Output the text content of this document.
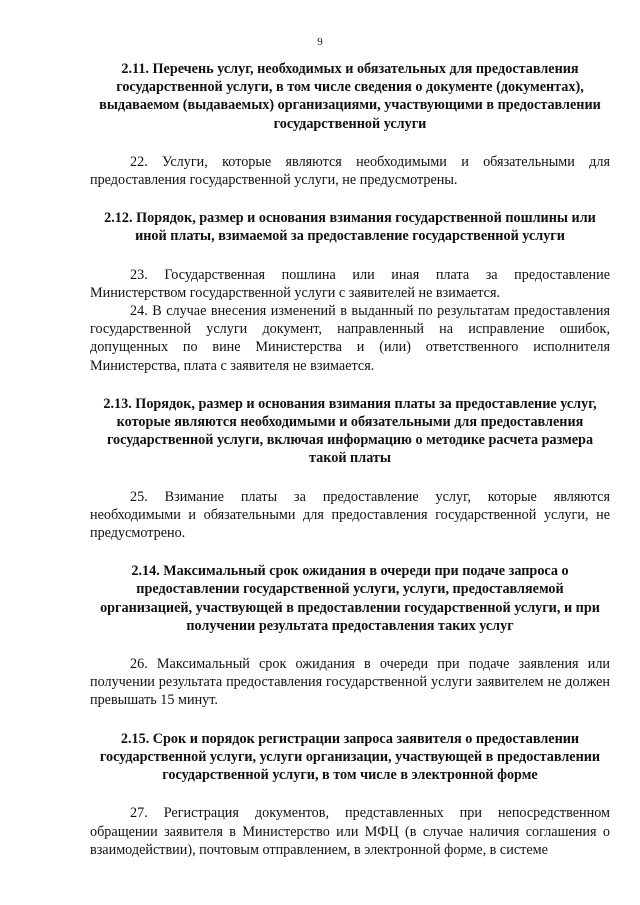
9

2.11. Перечень услуг, необходимых и обязательных для предоставления государственной услуги, в том числе сведения о документе (документах), выдаваемом (выдаваемых) организациями, участвующими в предоставлении государственной услуги

22. Услуги, которые являются необходимыми и обязательными для предоставления государственной услуги, не предусмотрены.

2.12. Порядок, размер и основания взимания государственной пошлины или иной платы, взимаемой за предоставление государственной услуги

23. Государственная пошлина или иная плата за предоставление Министерством государственной услуги с заявителей не взимается.

24. В случае внесения изменений в выданный по результатам предоставления государственной услуги документ, направленный на исправление ошибок, допущенных по вине Министерства и (или) ответственного исполнителя Министерства, плата с заявителя не взимается.

2.13. Порядок, размер и основания взимания платы за предоставление услуг, которые являются необходимыми и обязательными для предоставления государственной услуги, включая информацию о методике расчета размера такой платы

25. Взимание платы за предоставление услуг, которые являются необходимыми и обязательными для предоставления государственной услуги, не предусмотрено.

2.14. Максимальный срок ожидания в очереди при подаче запроса о предоставлении государственной услуги, услуги, предоставляемой организацией, участвующей в предоставлении государственной услуги, и при получении результата предоставления таких услуг

26. Максимальный срок ожидания в очереди при подаче заявления или получении результата предоставления государственной услуги заявителем не должен превышать 15 минут.

2.15. Срок и порядок регистрации запроса заявителя о предоставлении государственной услуги, услуги организации, участвующей в предоставлении государственной услуги, в том числе в электронной форме

27. Регистрация документов, представленных при непосредственном обращении заявителя в Министерство или МФЦ (в случае наличия соглашения о взаимодействии), почтовым отправлением, в электронной форме, в системе
